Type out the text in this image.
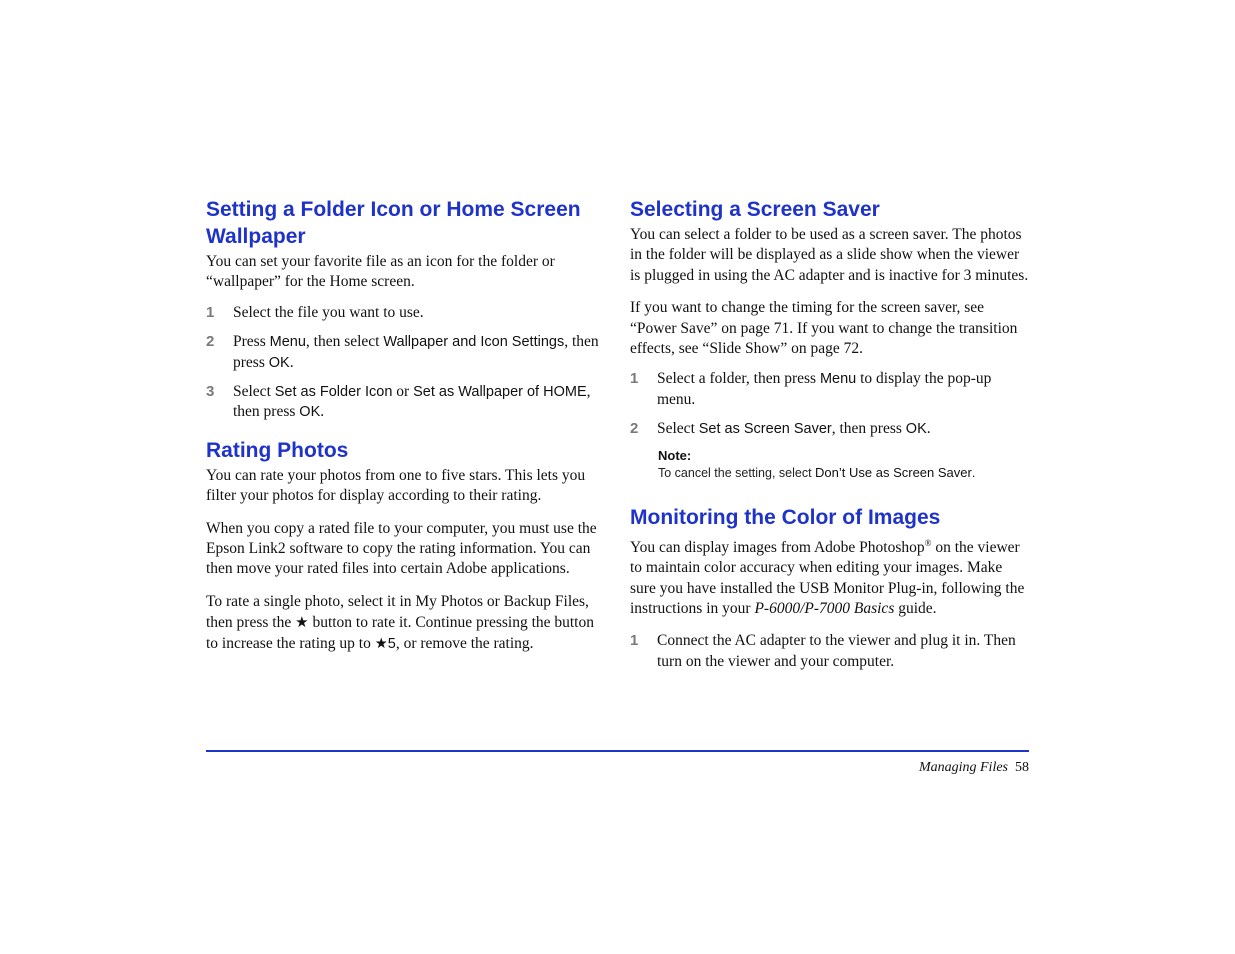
Setting a Folder Icon or Home Screen Wallpaper

You can set your favorite file as an icon for the folder or “wallpaper” for the Home screen.

1 Select the file you want to use.
2 Press Menu, then select Wallpaper and Icon Settings, then press OK.
3 Select Set as Folder Icon or Set as Wallpaper of HOME, then press OK.
Rating Photos

You can rate your photos from one to five stars. This lets you filter your photos for display according to their rating.

When you copy a rated file to your computer, you must use the Epson Link2 software to copy the rating information. You can then move your rated files into certain Adobe applications.

To rate a single photo, select it in My Photos or Backup Files, then press the ★ button to rate it. Continue pressing the button to increase the rating up to ★5, or remove the rating.

Selecting a Screen Saver

You can select a folder to be used as a screen saver. The photos in the folder will be displayed as a slide show when the viewer is plugged in using the AC adapter and is inactive for 3 minutes.

If you want to change the timing for the screen saver, see “Power Save” on page 71. If you want to change the transition effects, see “Slide Show” on page 72.

1 Select a folder, then press Menu to display the pop-up menu.
2 Select Set as Screen Saver, then press OK.
Note:
To cancel the setting, select Don’t Use as Screen Saver.
Monitoring the Color of Images

You can display images from Adobe Photoshop® on the viewer to maintain color accuracy when editing your images. Make sure you have installed the USB Monitor Plug-in, following the instructions in your P-6000/P-7000 Basics guide.

1 Connect the AC adapter to the viewer and plug it in. Then turn on the viewer and your computer.
Managing Files 58
